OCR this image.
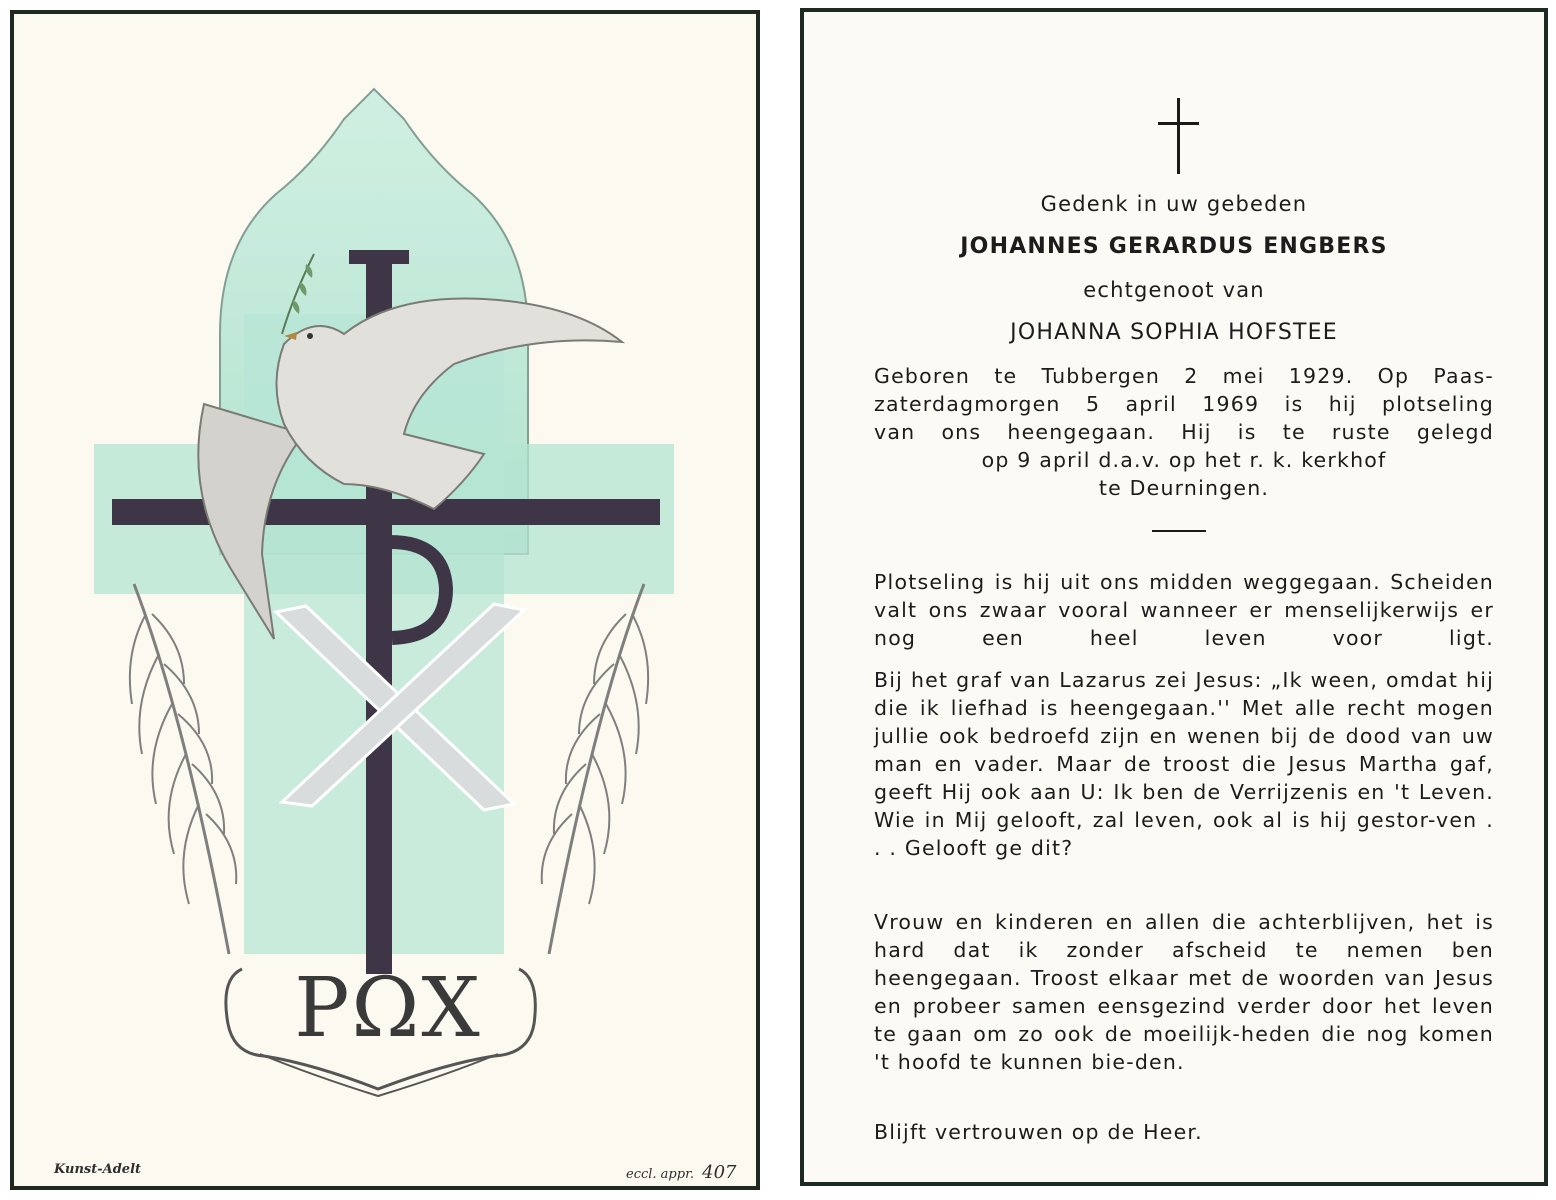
PΩX
Kunst-Adelt	eccl. appr. 407

Gedenk in uw gebeden

JOHANNES GERARDUS ENGBERS

echtgenoot van

JOHANNA SOPHIA HOFSTEE

Geboren te Tubbergen 2 mei 1929. Op Paas-

zaterdagmorgen 5 april 1969 is hij plotseling

van ons heengegaan. Hij is te ruste gelegd

op 9 april d.a.v. op het r. k. kerkhof

te Deurningen.

Plotseling is hij uit ons midden weggegaan. Scheiden valt ons zwaar vooral wanneer er menselijkerwijs er nog een heel leven voor ligt.

Bij het graf van Lazarus zei Jesus: „Ik ween, omdat hij die ik liefhad is heengegaan.'' Met alle recht mogen jullie ook bedroefd zijn en wenen bij de dood van uw man en vader. Maar de troost die Jesus Martha gaf, geeft Hij ook aan U: Ik ben de Verrijzenis en 't Leven. Wie in Mij gelooft, zal leven, ook al is hij gestor-ven . . . Gelooft ge dit?

Vrouw en kinderen en allen die achterblijven, het is hard dat ik zonder afscheid te nemen ben heengegaan. Troost elkaar met de woorden van Jesus en probeer samen eensgezind verder door het leven te gaan om zo ook de moeilijk-heden die nog komen 't hoofd te kunnen bie-den.

Blijft vertrouwen op de Heer.
